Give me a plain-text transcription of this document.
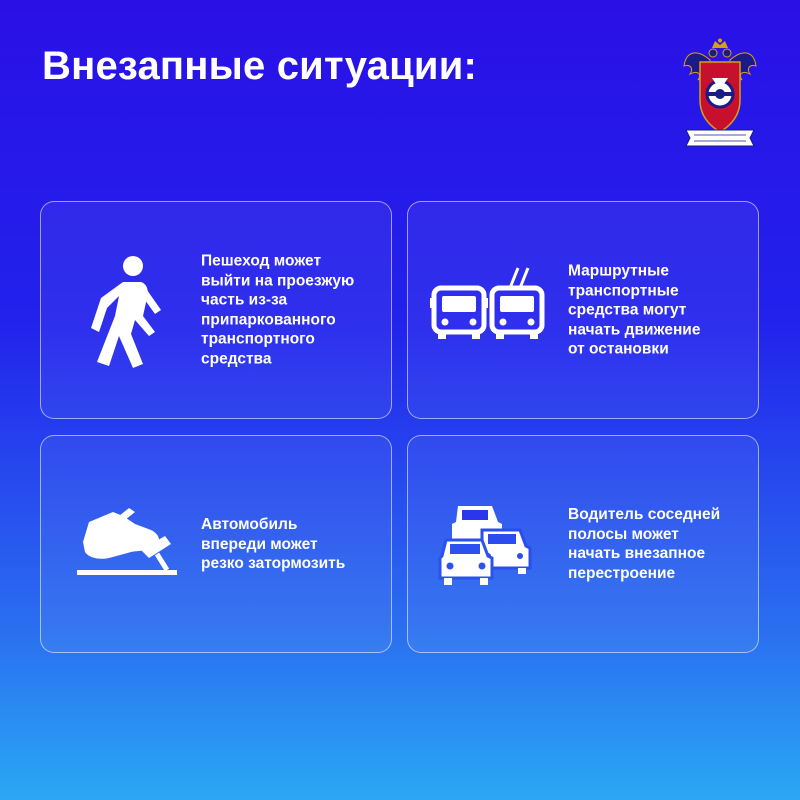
Внезапные ситуации:
Пешеход может
выйти на проезжую
часть из-за
припаркованного
транспортного
средства
Маршрутные
транспортные
средства могут
начать движение
от остановки
Автомобиль
впереди может
резко затормозить
Водитель соседней
полосы может
начать внезапное
перестроение
